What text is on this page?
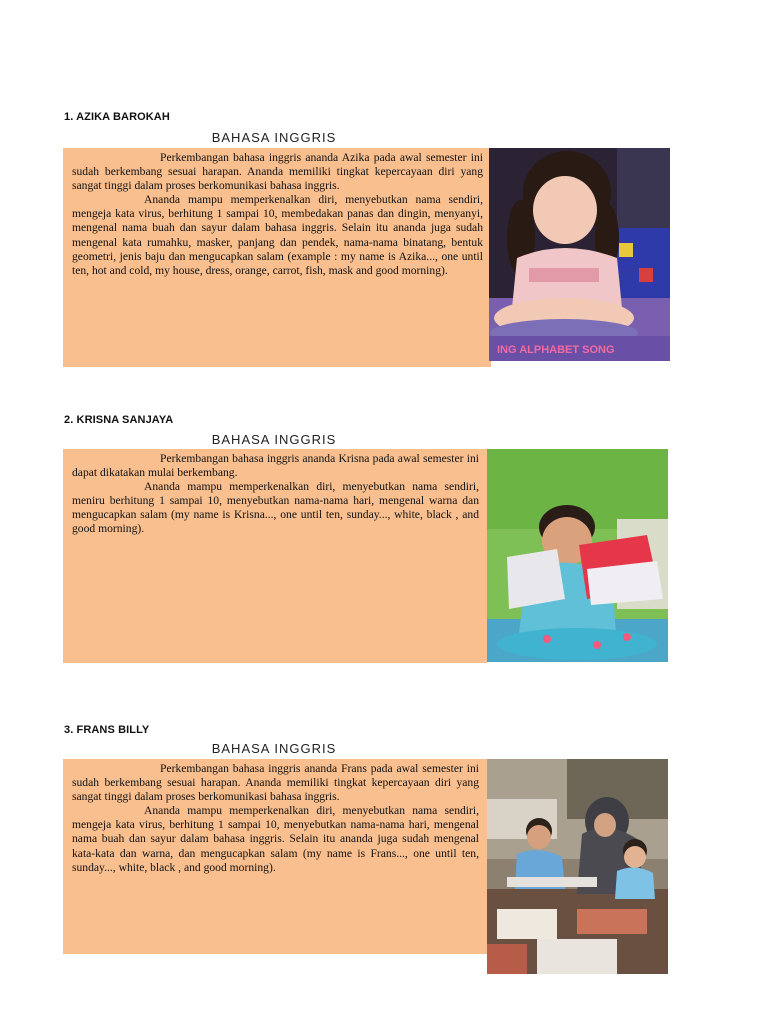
1. AZIKA BAROKAH
BAHASA INGGRIS

Perkembangan bahasa inggris ananda Azika pada awal semester ini sudah berkembang sesuai harapan. Ananda memiliki tingkat kepercayaan diri yang sangat tinggi dalam proses berkomunikasi bahasa inggris.

Ananda mampu memperkenalkan diri, menyebutkan nama sendiri, mengeja kata virus, berhitung 1 sampai 10, membedakan panas dan dingin, menyanyi, mengenal nama buah dan sayur dalam bahasa inggris. Selain itu ananda juga sudah mengenal kata rumahku, masker, panjang dan pendek, nama-nama binatang, bentuk geometri, jenis baju dan mengucapkan salam (example : my name is Azika..., one until ten, hot and cold, my house, dress, orange, carrot, fish, mask and good morning).

ING ALPHABET SONG
2. KRISNA SANJAYA
BAHASA INGGRIS

Perkembangan bahasa inggris ananda Krisna pada awal semester ini dapat dikatakan mulai berkembang.

Ananda mampu memperkenalkan diri, menyebutkan nama sendiri, meniru berhitung 1 sampai 10, menyebutkan nama-nama hari, mengenal warna dan mengucapkan salam (my name is Krisna..., one until ten, sunday..., white, black , and good morning).

3. FRANS BILLY
BAHASA INGGRIS

Perkembangan bahasa inggris ananda Frans pada awal semester ini sudah berkembang sesuai harapan. Ananda memiliki tingkat kepercayaan diri yang sangat tinggi dalam proses berkomunikasi bahasa inggris.

Ananda mampu memperkenalkan diri, menyebutkan nama sendiri, mengeja kata virus, berhitung 1 sampai 10, menyebutkan nama-nama hari, mengenal nama buah dan sayur dalam bahasa inggris. Selain itu ananda juga sudah mengenal kata-kata dan warna, dan mengucapkan salam (my name is Frans..., one until ten, sunday..., white, black , and good morning).
